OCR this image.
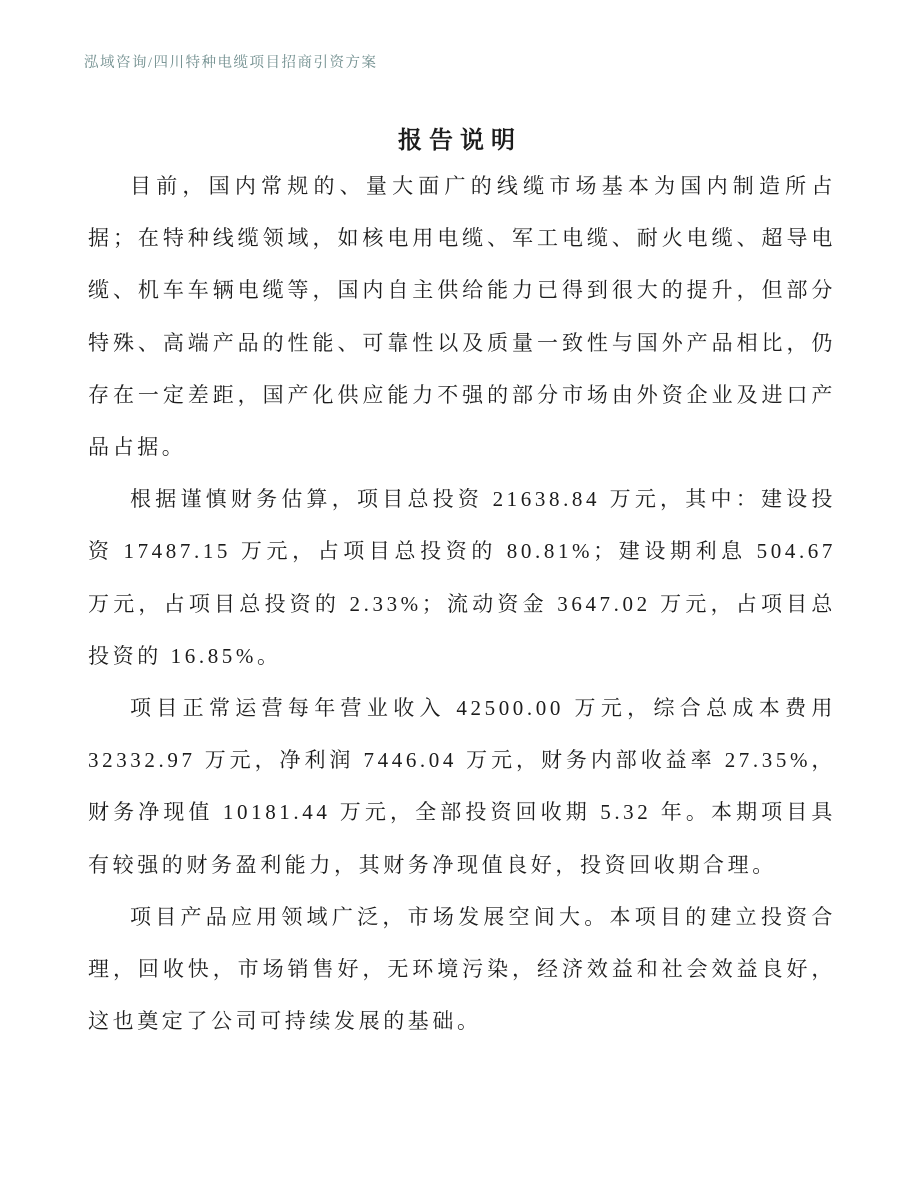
泓域咨询/四川特种电缆项目招商引资方案
报告说明

目前，国内常规的、量大面广的线缆市场基本为国内制造所占据；在特种线缆领域，如核电用电缆、军工电缆、耐火电缆、超导电缆、机车车辆电缆等，国内自主供给能力已得到很大的提升，但部分特殊、高端产品的性能、可靠性以及质量一致性与国外产品相比，仍存在一定差距，国产化供应能力不强的部分市场由外资企业及进口产品占据。

根据谨慎财务估算，项目总投资 21638.84 万元，其中：建设投资 17487.15 万元，占项目总投资的 80.81%；建设期利息 504.67 万元，占项目总投资的 2.33%；流动资金 3647.02 万元，占项目总投资的 16.85%。

项目正常运营每年营业收入 42500.00 万元，综合总成本费用 32332.97 万元，净利润 7446.04 万元，财务内部收益率 27.35%，财务净现值 10181.44 万元，全部投资回收期 5.32 年。本期项目具有较强的财务盈利能力，其财务净现值良好，投资回收期合理。

项目产品应用领域广泛，市场发展空间大。本项目的建立投资合理，回收快，市场销售好，无环境污染，经济效益和社会效益良好，这也奠定了公司可持续发展的基础。
